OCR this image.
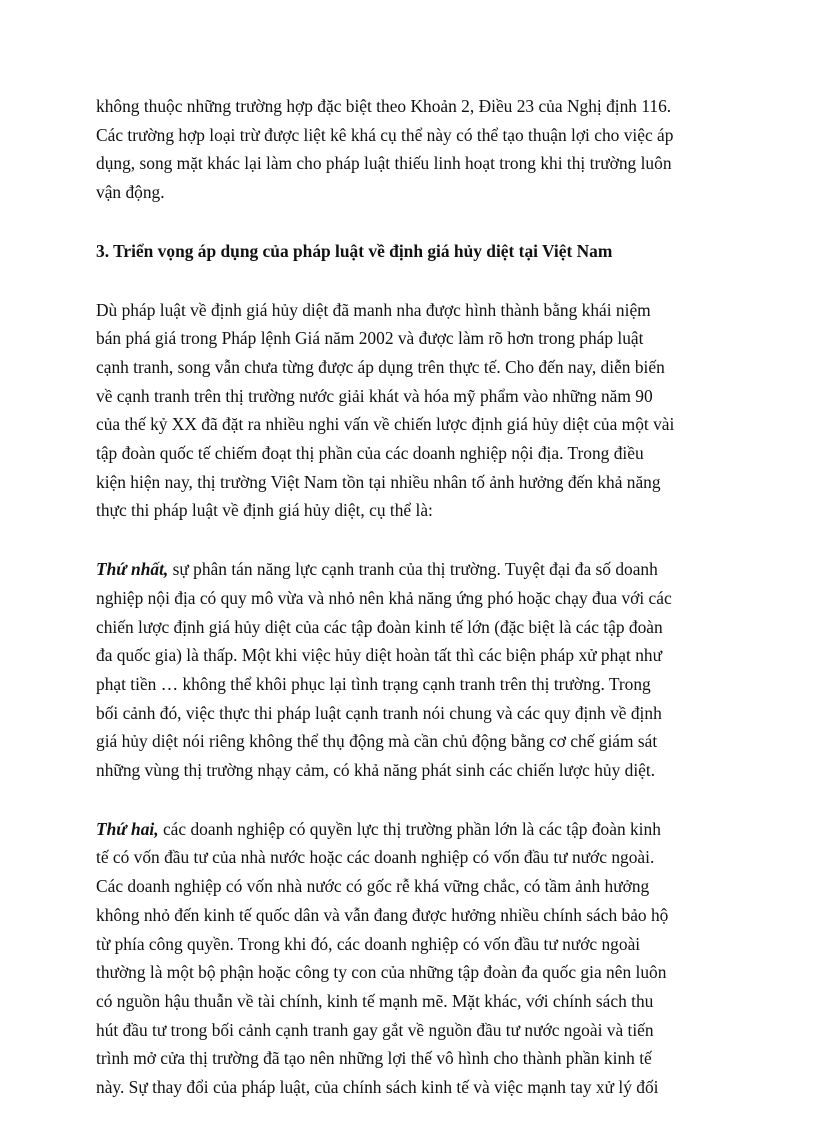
không thuộc những trường hợp đặc biệt theo Khoản 2, Điều 23 của Nghị định 116.
Các trường hợp loại trừ được liệt kê khá cụ thể này có thể tạo thuận lợi cho việc áp
dụng, song mặt khác lại làm cho pháp luật thiếu linh hoạt trong khi thị trường luôn
vận động.
3. Triển vọng áp dụng của pháp luật về định giá hủy diệt tại Việt Nam
Dù pháp luật về định giá hủy diệt đã manh nha được hình thành bằng khái niệm
bán phá giá trong Pháp lệnh Giá năm 2002 và được làm rõ hơn trong pháp luật
cạnh tranh, song vẫn chưa từng được áp dụng trên thực tế. Cho đến nay, diễn biến
về cạnh tranh trên thị trường nước giải khát và hóa mỹ phẩm vào những năm 90
của thế kỷ XX đã đặt ra nhiều nghi vấn về chiến lược định giá hủy diệt của một vài
tập đoàn quốc tế chiếm đoạt thị phần của các doanh nghiệp nội địa. Trong điều
kiện hiện nay, thị trường Việt Nam tồn tại nhiều nhân tố ảnh hưởng đến khả năng
thực thi pháp luật về định giá hủy diệt, cụ thể là:
Thứ nhất, sự phân tán năng lực cạnh tranh của thị trường. Tuyệt đại đa số doanh
nghiệp nội địa có quy mô vừa và nhỏ nên khả năng ứng phó hoặc chạy đua với các
chiến lược định giá hủy diệt của các tập đoàn kinh tế lớn (đặc biệt là các tập đoàn
đa quốc gia) là thấp. Một khi việc hủy diệt hoàn tất thì các biện pháp xử phạt như
phạt tiền … không thể khôi phục lại tình trạng cạnh tranh trên thị trường. Trong
bối cảnh đó, việc thực thi pháp luật cạnh tranh nói chung và các quy định về định
giá hủy diệt nói riêng không thể thụ động mà cần chủ động bằng cơ chế giám sát
những vùng thị trường nhạy cảm, có khả năng phát sinh các chiến lược hủy diệt.
Thứ hai, các doanh nghiệp có quyền lực thị trường phần lớn là các tập đoàn kinh
tế có vốn đầu tư của nhà nước hoặc các doanh nghiệp có vốn đầu tư nước ngoài.
Các doanh nghiệp có vốn nhà nước có gốc rễ khá vững chắc, có tầm ảnh hưởng
không nhỏ đến kinh tế quốc dân và vẫn đang được hưởng nhiều chính sách bảo hộ
từ phía công quyền. Trong khi đó, các doanh nghiệp có vốn đầu tư nước ngoài
thường là một bộ phận hoặc công ty con của những tập đoàn đa quốc gia nên luôn
có nguồn hậu thuẫn về tài chính, kinh tế mạnh mẽ. Mặt khác, với chính sách thu
hút đầu tư trong bối cảnh cạnh tranh gay gắt về nguồn đầu tư nước ngoài và tiến
trình mở cửa thị trường đã tạo nên những lợi thế vô hình cho thành phần kinh tế
này. Sự thay đổi của pháp luật, của chính sách kinh tế và việc mạnh tay xử lý đối
